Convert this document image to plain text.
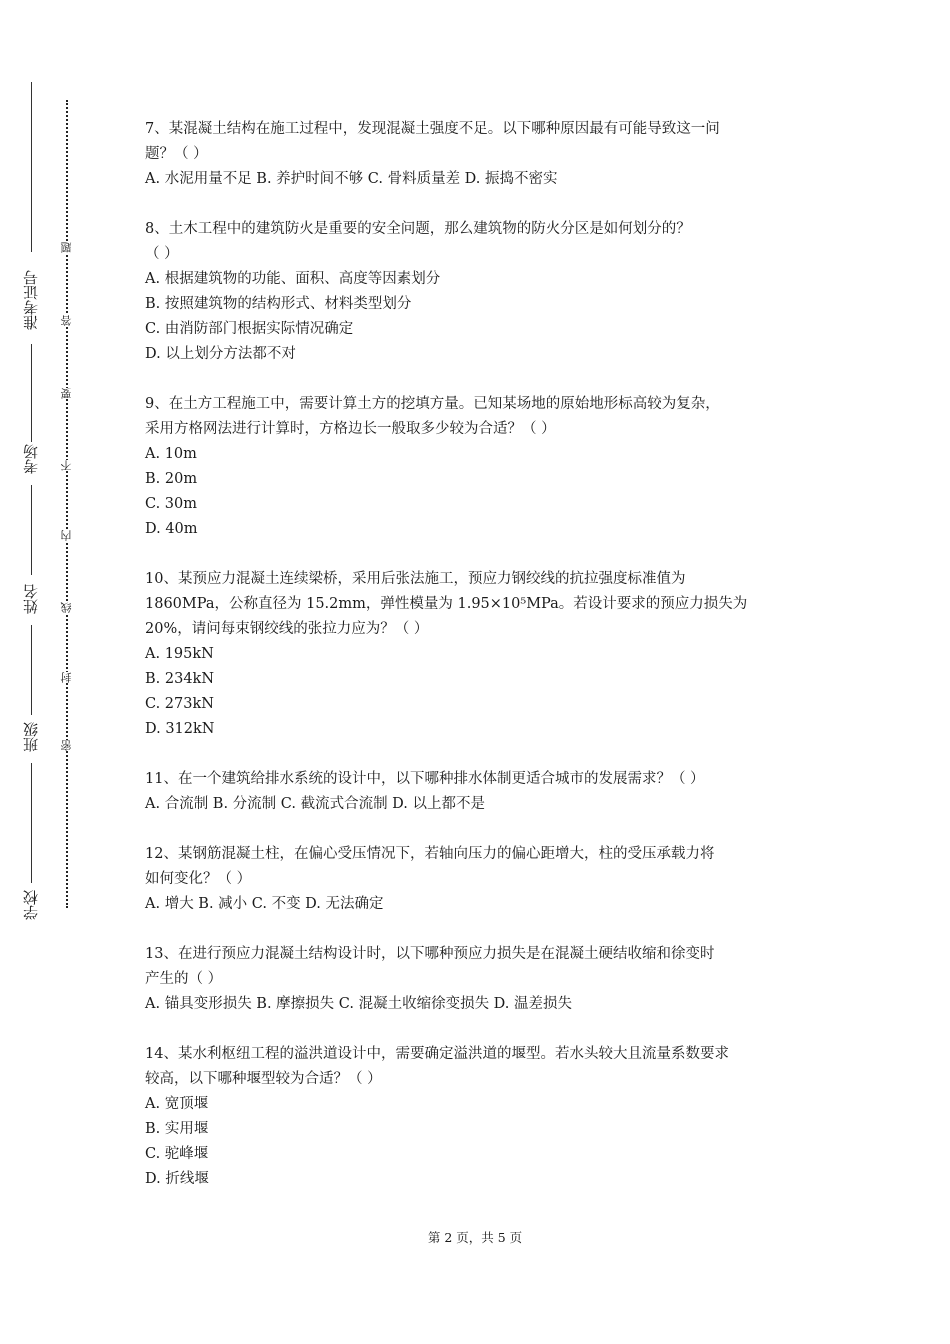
准考证号
考场
姓名
班级
学校
密
封
线
内
不
要
答
题
7、某混凝土结构在施工过程中，发现混凝土强度不足。以下哪种原因最有可能导致这一问
题？（ ）
A. 水泥用量不足 B. 养护时间不够 C. 骨料质量差 D. 振捣不密实
8、土木工程中的建筑防火是重要的安全问题，那么建筑物的防火分区是如何划分的？
（ ）
A. 根据建筑物的功能、面积、高度等因素划分
B. 按照建筑物的结构形式、材料类型划分
C. 由消防部门根据实际情况确定
D. 以上划分方法都不对
9、在土方工程施工中，需要计算土方的挖填方量。已知某场地的原始地形标高较为复杂，
采用方格网法进行计算时，方格边长一般取多少较为合适？（ ）
A. 10m
B. 20m
C. 30m
D. 40m
10、某预应力混凝土连续梁桥，采用后张法施工，预应力钢绞线的抗拉强度标准值为
1860MPa，公称直径为 15.2mm，弹性模量为 1.95×10⁵MPa。若设计要求的预应力损失为
20%，请问每束钢绞线的张拉力应为？（ ）
A. 195kN
B. 234kN
C. 273kN
D. 312kN
11、在一个建筑给排水系统的设计中，以下哪种排水体制更适合城市的发展需求？（ ）
A. 合流制 B. 分流制 C. 截流式合流制 D. 以上都不是
12、某钢筋混凝土柱，在偏心受压情况下，若轴向压力的偏心距增大，柱的受压承载力将
如何变化？（ ）
A. 增大 B. 减小 C. 不变 D. 无法确定
13、在进行预应力混凝土结构设计时，以下哪种预应力损失是在混凝土硬结收缩和徐变时
产生的（ ）
A. 锚具变形损失 B. 摩擦损失 C. 混凝土收缩徐变损失 D. 温差损失
14、某水利枢纽工程的溢洪道设计中，需要确定溢洪道的堰型。若水头较大且流量系数要求
较高，以下哪种堰型较为合适？（ ）
A. 宽顶堰
B. 实用堰
C. 驼峰堰
D. 折线堰
第 2 页，共 5 页
